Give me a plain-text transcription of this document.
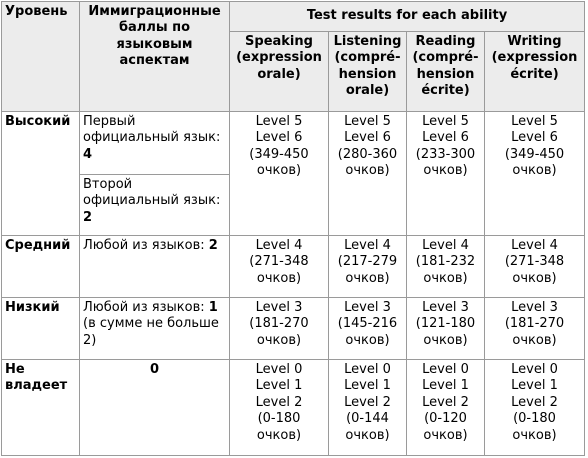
Уровень	Иммиграционные баллы по языковым аспектам	Test results for each ability			

		Speaking
(expression
orale)	Listening
(compré-
hension
orale)	Reading
(compré-
hension
écrite)	Writing
(expression
écrite)

Высокий	Первый официальный язык: 4	Level 5
Level 6
(349-450
очков)	Level 5
Level 6
(280-360
очков)	Level 5
Level 6
(233-300
очков)	Level 5
Level 6
(349-450
очков)

	Второй официальный язык: 2				
Средний	Любой из языков: 2	Level 4
(271-348
очков)	Level 4
(217-279
очков)	Level 4
(181-232
очков)	Level 4
(271-348
очков)

Низкий	Любой из языков: 1 (в сумме не больше 2)	Level 3
(181-270
очков)	Level 3
(145-216
очков)	Level 3
(121-180
очков)	Level 3
(181-270
очков)

Не
владеет	0	Level 0
Level 1
Level 2
(0-180
очков)	Level 0
Level 1
Level 2
(0-144
очков)	Level 0
Level 1
Level 2
(0-120
очков)	Level 0
Level 1
Level 2
(0-180
очков)
